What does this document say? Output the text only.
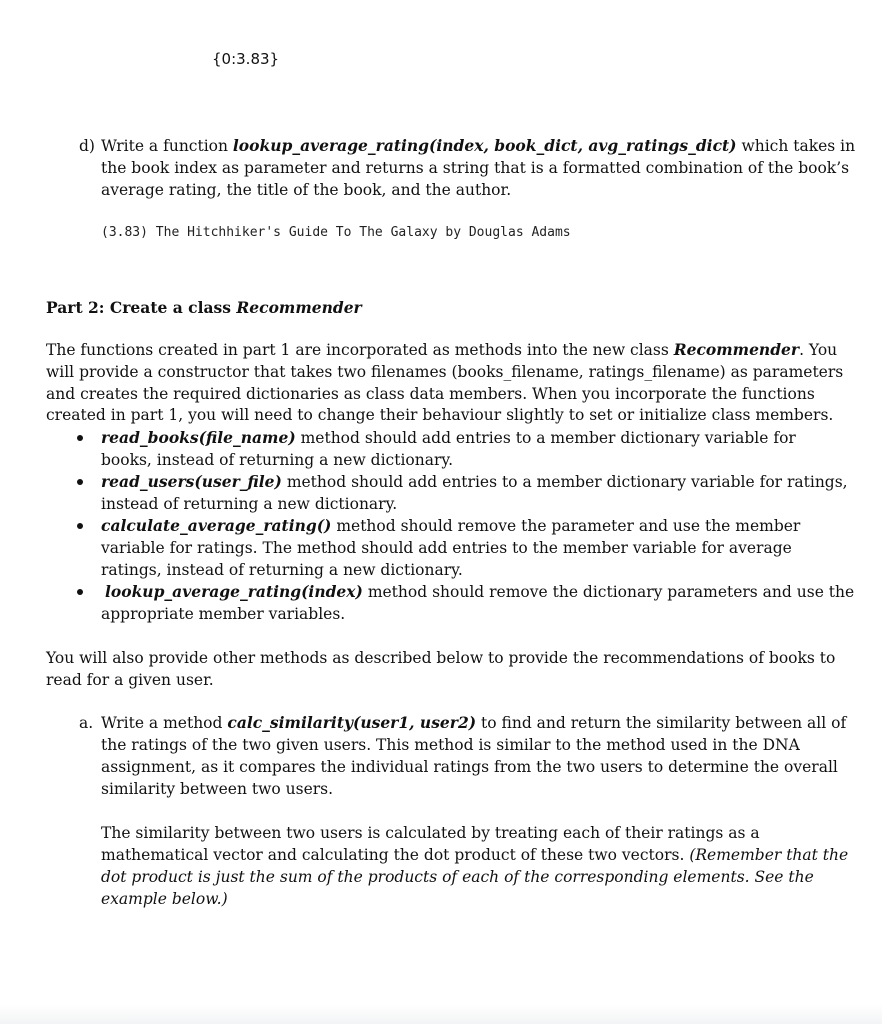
{0:3.83}
d) Write a function lookup_average_rating(index, book_dict, avg_ratings_dict) which takes in
the book index as parameter and returns a string that is a formatted combination of the book’s
average rating, the title of the book, and the author.
(3.83) The Hitchhiker's Guide To The Galaxy by Douglas Adams
Part 2: Create a class Recommender
The functions created in part 1 are incorporated as methods into the new class Recommender. You
will provide a constructor that takes two filenames (books_filename, ratings_filename) as parameters
and creates the required dictionaries as class data members. When you incorporate the functions
created in part 1, you will need to change their behaviour slightly to set or initialize class members.
read_books(file_name) method should add entries to a member dictionary variable for
books, instead of returning a new dictionary.
read_users(user_file) method should add entries to a member dictionary variable for ratings,
instead of returning a new dictionary.
calculate_average_rating() method should remove the parameter and use the member
variable for ratings. The method should add entries to the member variable for average
ratings, instead of returning a new dictionary.
lookup_average_rating(index) method should remove the dictionary parameters and use the
appropriate member variables.
You will also provide other methods as described below to provide the recommendations of books to
read for a given user.
a. Write a method calc_similarity(user1, user2) to find and return the similarity between all of
the ratings of the two given users. This method is similar to the method used in the DNA
assignment, as it compares the individual ratings from the two users to determine the overall
similarity between two users.
The similarity between two users is calculated by treating each of their ratings as a
mathematical vector and calculating the dot product of these two vectors. (Remember that the
dot product is just the sum of the products of each of the corresponding elements. See the
example below.)
